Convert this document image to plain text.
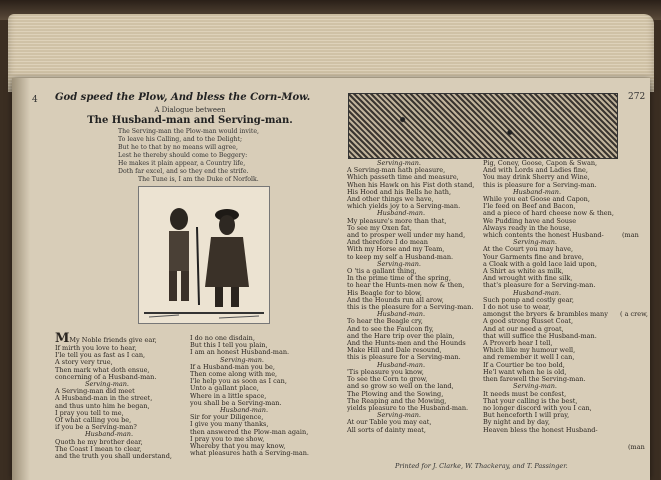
4	272
God speed the Plow, And bless the Corn-Mow.
A Dialogue between
The Husband-man and Serving-man.
The Serving-man the Plow-man would invite,
To leave his Calling, and to the Delight;
But he to that by no means will agree,
Lest he thereby should come to Beggery:
He makes it plain appear, a Country life,
Doth far excel, and so they end the strife.
The Tune is, I am the Duke of Norfolk.
MMy Noble friends give ear,
If mirth you love to hear,
I'le tell you as fast as I can,
A story very true,
Then mark what doth ensue,
concerning of a Husband-man.
Serving-man.
A Serving-man did meet
A Husband-man in the street,
and thus unto him he began,
I pray you tell to me,
Of what calling you be,
if you be a Serving-man?
Husband-man.
Quoth he my brother dear,
The Coast I mean to clear,
and the truth you shall understand,
I do no one disdain,
But this I tell you plain,
I am an honest Husband-man.
Serving-man.
If a Husband-man you be,
Then come along with me,
I'le help you as soon as I can,
Unto a gallant place,
Where in a little space,
you shall be a Serving-man.
Husband-man.
Sir for your Diligence,
I give you many thanks,
then answered the Plow-man again,
I pray you to me show,
Whereby that you may know,
what pleasures hath a Serving-man.
Serving-man.
A Serving-man hath pleasure,
Which passeth time and measure,
When his Hawk on his Fist doth stand,
His Hood and his Bells he hath,
And other things we have,
which yields joy to a Serving-man.
Husband-man.
My pleasure's more than that,
To see my Oxen fat,
and to prosper well under my hand,
And therefore I do mean
With my Horse and my Team,
to keep my self a Husband-man.
Serving-man.
O 'tis a gallant thing,
In the prime time of the spring,
to hear the Hunts-men now & then,
His Beagle for to blow,
And the Hounds run all arow,
this is the pleasure for a Serving-man.
Husband-man.
To hear the Beagle cry,
And to see the Faulcon fly,
and the Hare trip over the plain,
And the Hunts-men and the Hounds
Make Hill and Dale resound,
this is pleasure for a Serving-man.
Husband-man.
'Tis pleasure you know,
To see the Corn to grow,
and so grow so well on the land,
The Plowing and the Sowing,
The Reaping and the Mowing,
yields pleasure to the Husband-man.
Serving-man.
At our Table you may eat,
All sorts of dainty meat,
Pig, Coney, Goose, Capon & Swan,
And with Lords and Ladies fine,
You may drink Sherry and Wine,
this is pleasure for a Serving-man.
Husband-man.
While you eat Goose and Capon,
I'le feed on Beef and Bacon,
and a piece of hard cheese now & then,
We Pudding have and Souse
Always ready in the house,
which contents the honest Husband-
Serving-man.
At the Court you may have,
Your Garments fine and brave,
a Cloak with a gold lace laid upon,
A Shirt as white as milk,
And wrought with fine silk,
that's pleasure for a Serving-man.
Husband-man.
Such pomp and costly gear,
I do not use to wear,
amongst the bryers & brambles many
A good strong Russet Coat,
And at our need a groat,
that will suffice the Husband-man.
A Proverb hear I tell,
Which like my humour well,
and remember it well I can,
If a Courtier be too bold,
He'l want when he is old,
then farewell the Serving-man.
Serving-man.
It needs must be confest,
That your calling is the best,
no longer discord with you I can,
But henceforth I will pray,
By night and by day,
Heaven bless the honest Husband-
( a crew,
(man
(man
Printed for J. Clarke, W. Thackeray, and T. Passinger.
